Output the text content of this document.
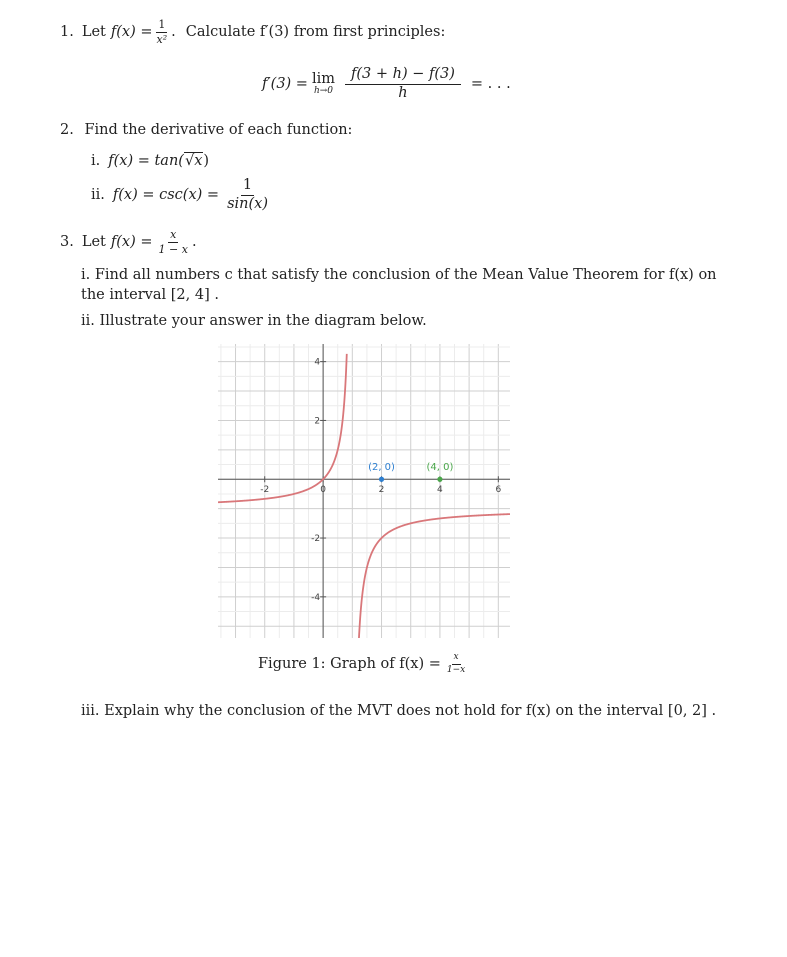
1. Let $f(x) = \frac{1}{\text{x²}}$ . Calculate f′(3) from first principles:
f′(3) = lim
$h\to 0 \frac{f(3 + h) - f(3)}{h}$ = . . .
2. Find the derivative of each function:
i. f(x) = tan( √x )
ii. $f(x) = \csc(x) = \frac{1}{\sin(x)}$
3. Let $f(x) = \frac{x}{1 - x}$ .
i. Find all numbers c that satisfy the conclusion of the Mean Value Theorem for f(x) on
the interval [2, 4] .
ii. Illustrate your answer in the diagram below.
-2	0	2	4	6
4
2
-2
-4
(2, 0)	(4, 0)
Figure 1: Graph of $f(x) = \frac{x}{1-x}$
iii. Explain why the conclusion of the MVT does not hold for f(x) on the interval [0, 2] .
